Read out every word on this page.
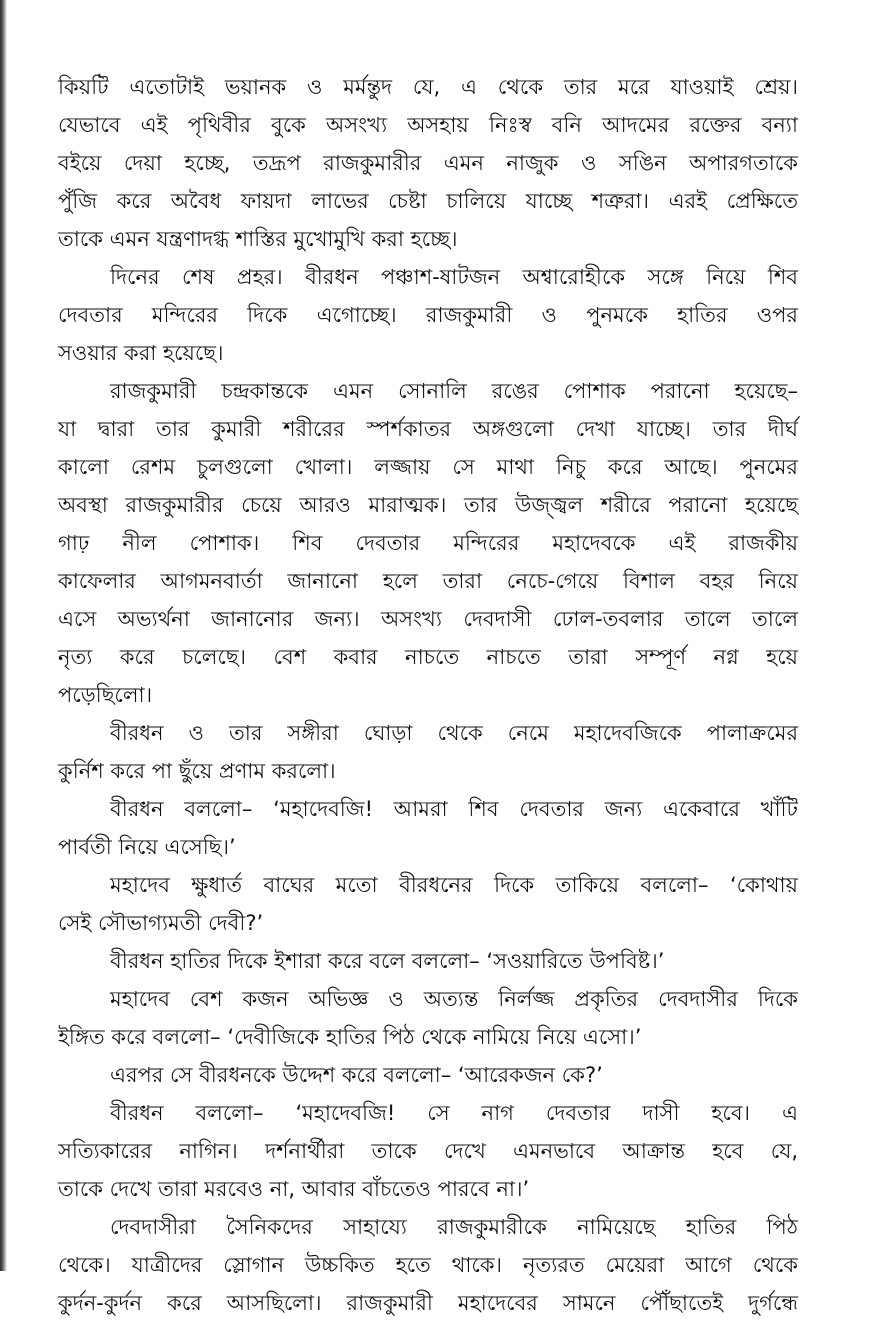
কিয়টি এতোটাই ভয়ানক ও মর্মন্তুদ যে, এ থেকে তার মরে যাওয়াই শ্রেয়।
যেভাবে এই পৃথিবীর বুকে অসংখ্য অসহায় নিঃস্ব বনি আদমের রক্তের বন্যা
বইয়ে দেয়া হচ্ছে, তদ্রূপ রাজকুমারীর এমন নাজুক ও সঙিন অপারগতাকে
পুঁজি করে অবৈধ ফায়দা লাভের চেষ্টা চালিয়ে যাচ্ছে শত্রুরা। এরই প্রেক্ষিতে
তাকে এমন যন্ত্রণাদগ্ধ শাস্তির মুখোমুখি করা হচ্ছে।
দিনের শেষ প্রহর। বীরধন পঞ্চাশ-ষাটজন অশ্বারোহীকে সঙ্গে নিয়ে শিব
দেবতার মন্দিরের দিকে এগোচ্ছে। রাজকুমারী ও পুনমকে হাতির ওপর
সওয়ার করা হয়েছে।
রাজকুমারী চন্দ্রকান্তকে এমন সোনালি রঙের পোশাক পরানো হয়েছে–
যা দ্বারা তার কুমারী শরীরের স্পর্শকাতর অঙ্গগুলো দেখা যাচ্ছে। তার দীর্ঘ
কালো রেশম চুলগুলো খোলা। লজ্জায় সে মাথা নিচু করে আছে। পুনমের
অবস্থা রাজকুমারীর চেয়ে আরও মারাত্মক। তার উজ্জ্বল শরীরে পরানো হয়েছে
গাঢ় নীল পোশাক। শিব দেবতার মন্দিরের মহাদেবকে এই রাজকীয়
কাফেলার আগমনবার্তা জানানো হলে তারা নেচে-গেয়ে বিশাল বহর নিয়ে
এসে অভ্যর্থনা জানানোর জন্য। অসংখ্য দেবদাসী ঢোল-তবলার তালে তালে
নৃত্য করে চলেছে। বেশ কবার নাচতে নাচতে তারা সম্পূর্ণ নগ্ন হয়ে
পড়েছিলো।
বীরধন ও তার সঙ্গীরা ঘোড়া থেকে নেমে মহাদেবজিকে পালাক্রমের
কুর্নিশ করে পা ছুঁয়ে প্রণাম করলো।
বীরধন বললো– ‘মহাদেবজি! আমরা শিব দেবতার জন্য একেবারে খাঁটি
পার্বতী নিয়ে এসেছি।’
মহাদেব ক্ষুধার্ত বাঘের মতো বীরধনের দিকে তাকিয়ে বললো– ‘কোথায়
সেই সৌভাগ্যমতী দেবী?’
বীরধন হাতির দিকে ইশারা করে বলে বললো– ‘সওয়ারিতে উপবিষ্ট।’
মহাদেব বেশ কজন অভিজ্ঞ ও অত্যন্ত নির্লজ্জ প্রকৃতির দেবদাসীর দিকে
ইঙ্গিত করে বললো– ‘দেবীজিকে হাতির পিঠ থেকে নামিয়ে নিয়ে এসো।’
এরপর সে বীরধনকে উদ্দেশ করে বললো– ‘আরেকজন কে?’
বীরধন বললো– ‘মহাদেবজি! সে নাগ দেবতার দাসী হবে। এ
সত্যিকারের নাগিন। দর্শনার্থীরা তাকে দেখে এমনভাবে আক্রান্ত হবে যে,
তাকে দেখে তারা মরবেও না, আবার বাঁচতেও পারবে না।’
দেবদাসীরা সৈনিকদের সাহায্যে রাজকুমারীকে নামিয়েছে হাতির পিঠ
থেকে। যাত্রীদের স্লোগান উচ্চকিত হতে থাকে। নৃত্যরত মেয়েরা আগে থেকে
কুর্দন-কুর্দন করে আসছিলো। রাজকুমারী মহাদেবের সামনে পৌঁছাতেই দুর্গন্ধে
